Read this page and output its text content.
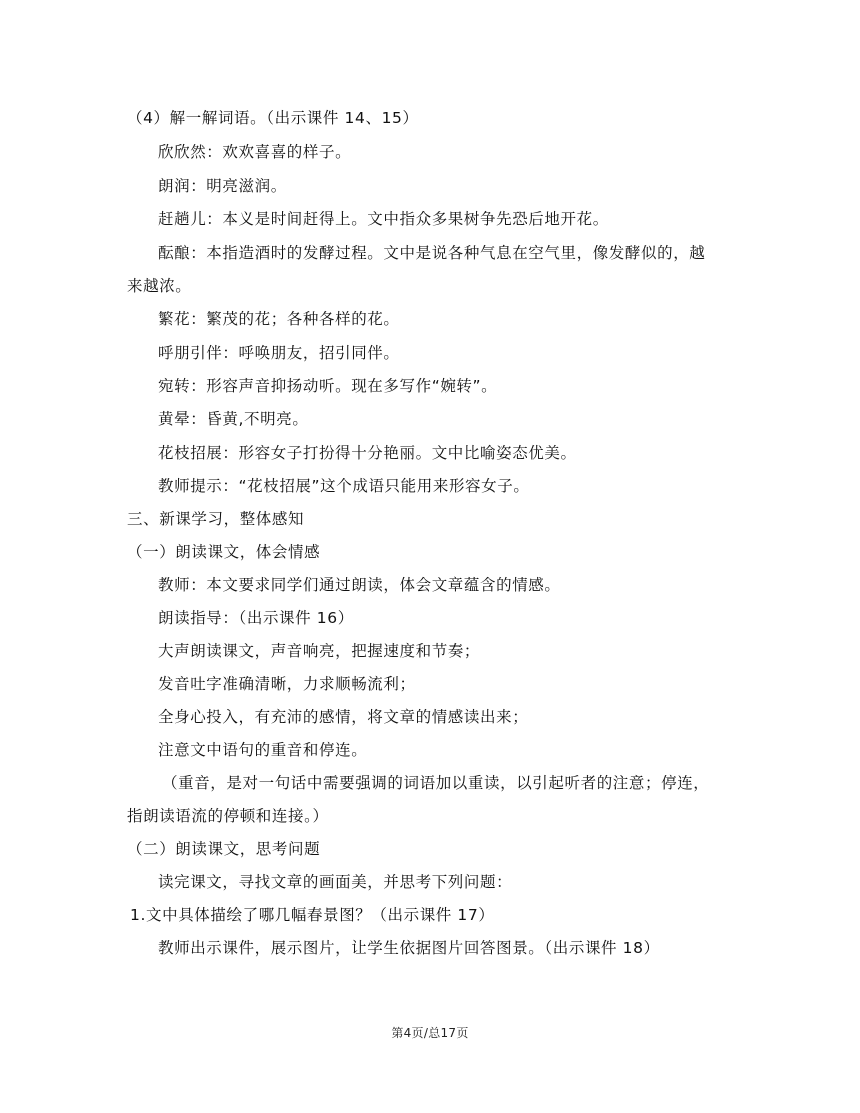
（4）解一解词语。（出示课件 14、15）
欣欣然：欢欢喜喜的样子。
朗润：明亮滋润。
赶趟儿：本义是时间赶得上。文中指众多果树争先恐后地开花。
酝酿：本指造酒时的发酵过程。文中是说各种气息在空气里，像发酵似的，越
来越浓。
繁花：繁茂的花；各种各样的花。
呼朋引伴：呼唤朋友，招引同伴。
宛转：形容声音抑扬动听。现在多写作“婉转”。
黄晕：昏黄,不明亮。
花枝招展：形容女子打扮得十分艳丽。文中比喻姿态优美。
教师提示：“花枝招展”这个成语只能用来形容女子。
三、新课学习，整体感知
（一）朗读课文，体会情感
教师：本文要求同学们通过朗读，体会文章蕴含的情感。
朗读指导：（出示课件 16）
大声朗读课文，声音响亮，把握速度和节奏；
发音吐字准确清晰，力求顺畅流利；
全身心投入，有充沛的感情，将文章的情感读出来；
注意文中语句的重音和停连。
（重音，是对一句话中需要强调的词语加以重读，以引起听者的注意；停连，
指朗读语流的停顿和连接。）
（二）朗读课文，思考问题
读完课文，寻找文章的画面美，并思考下列问题：
1.文中具体描绘了哪几幅春景图？（出示课件 17）
教师出示课件，展示图片，让学生依据图片回答图景。（出示课件 18）
第4页/总17页
